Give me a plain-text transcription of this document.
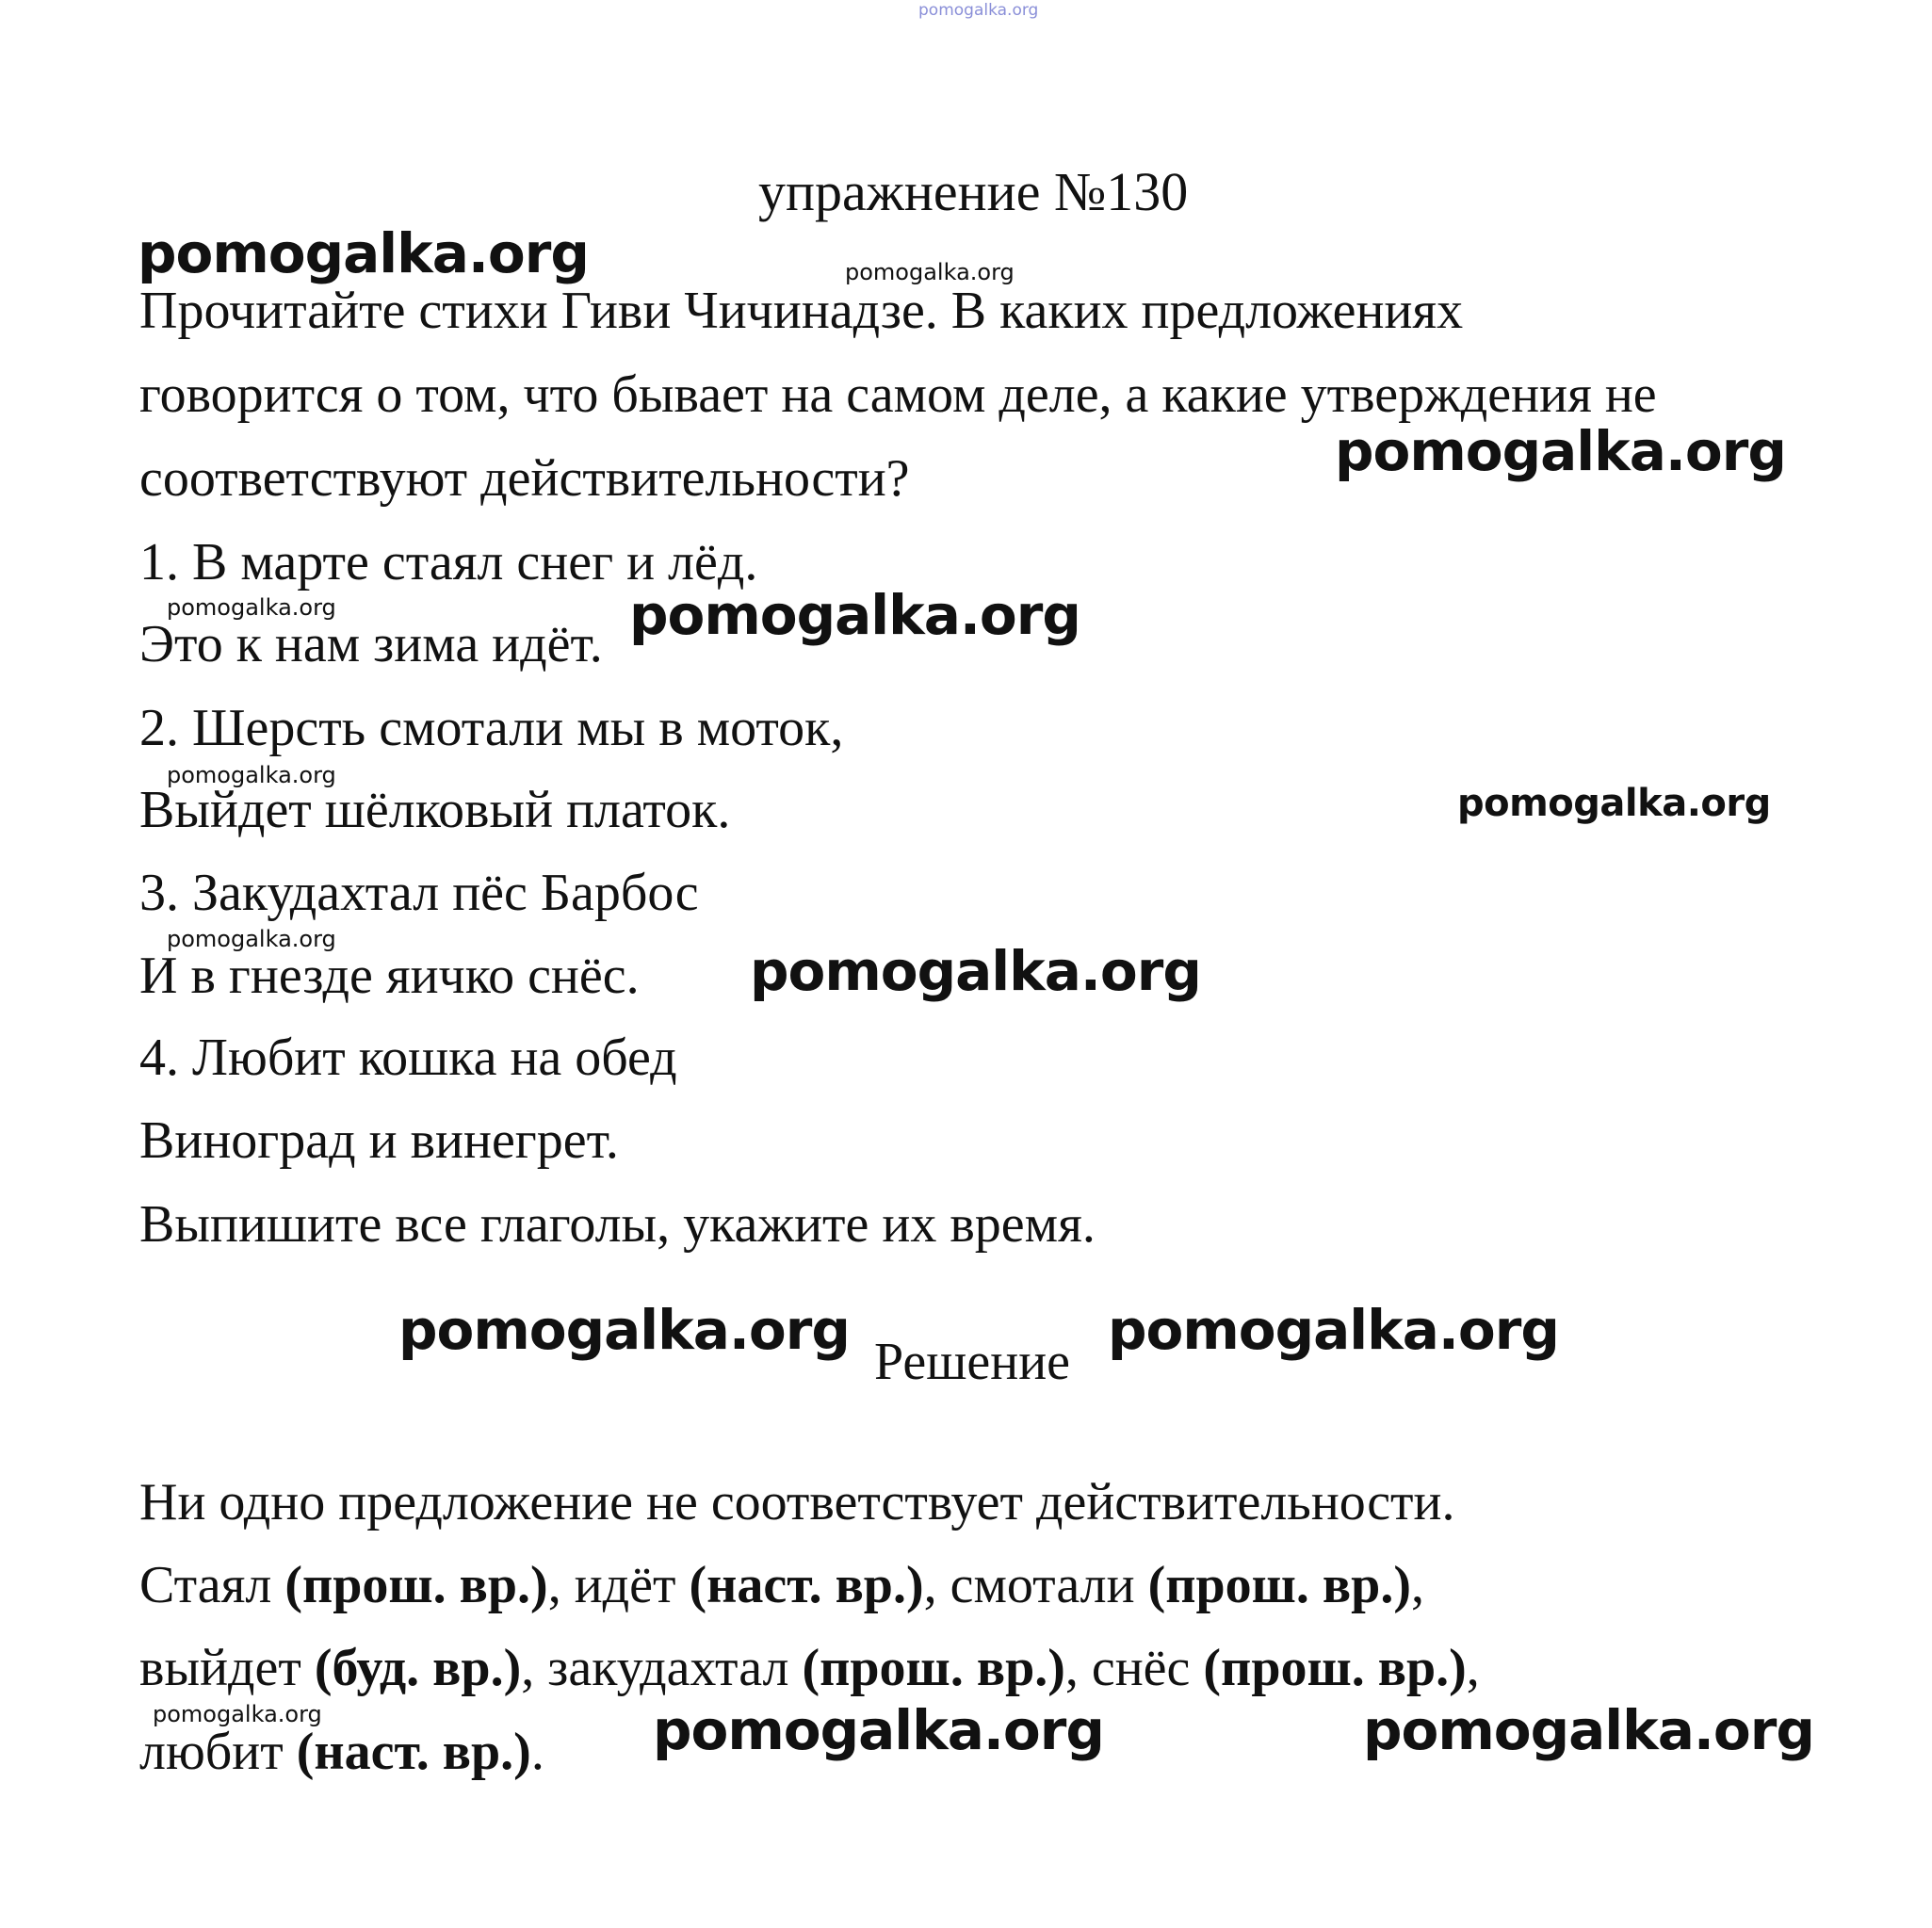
pomogalka.org
упражнение №130
Прочитайте стихи Гиви Чичинадзе. В каких предложениях
говорится о том, что бывает на самом деле, а какие утверждения не
соответствуют действительности?
1. В марте стаял снег и лёд.
Это к нам зима идёт.
2. Шерсть смотали мы в моток,
Выйдет шёлковый платок.
3. Закудахтал пёс Барбос
И в гнезде яичко снёс.
4. Любит кошка на обед
Виноград и винегрет.
Выпишите все глаголы, укажите их время.
Решение
Ни одно предложение не соответствует действительности.
Стаял (прош. вр.), идёт (наст. вр.), смотали (прош. вр.),
выйдет (буд. вр.), закудахтал (прош. вр.), снёс (прош. вр.),
любит (наст. вр.).
pomogalka.org	pomogalka.org
pomogalka.org
pomogalka.org	pomogalka.org
pomogalka.org
pomogalka.org
pomogalka.org	pomogalka.org
pomogalka.org	pomogalka.org
pomogalka.org	pomogalka.org	pomogalka.org
